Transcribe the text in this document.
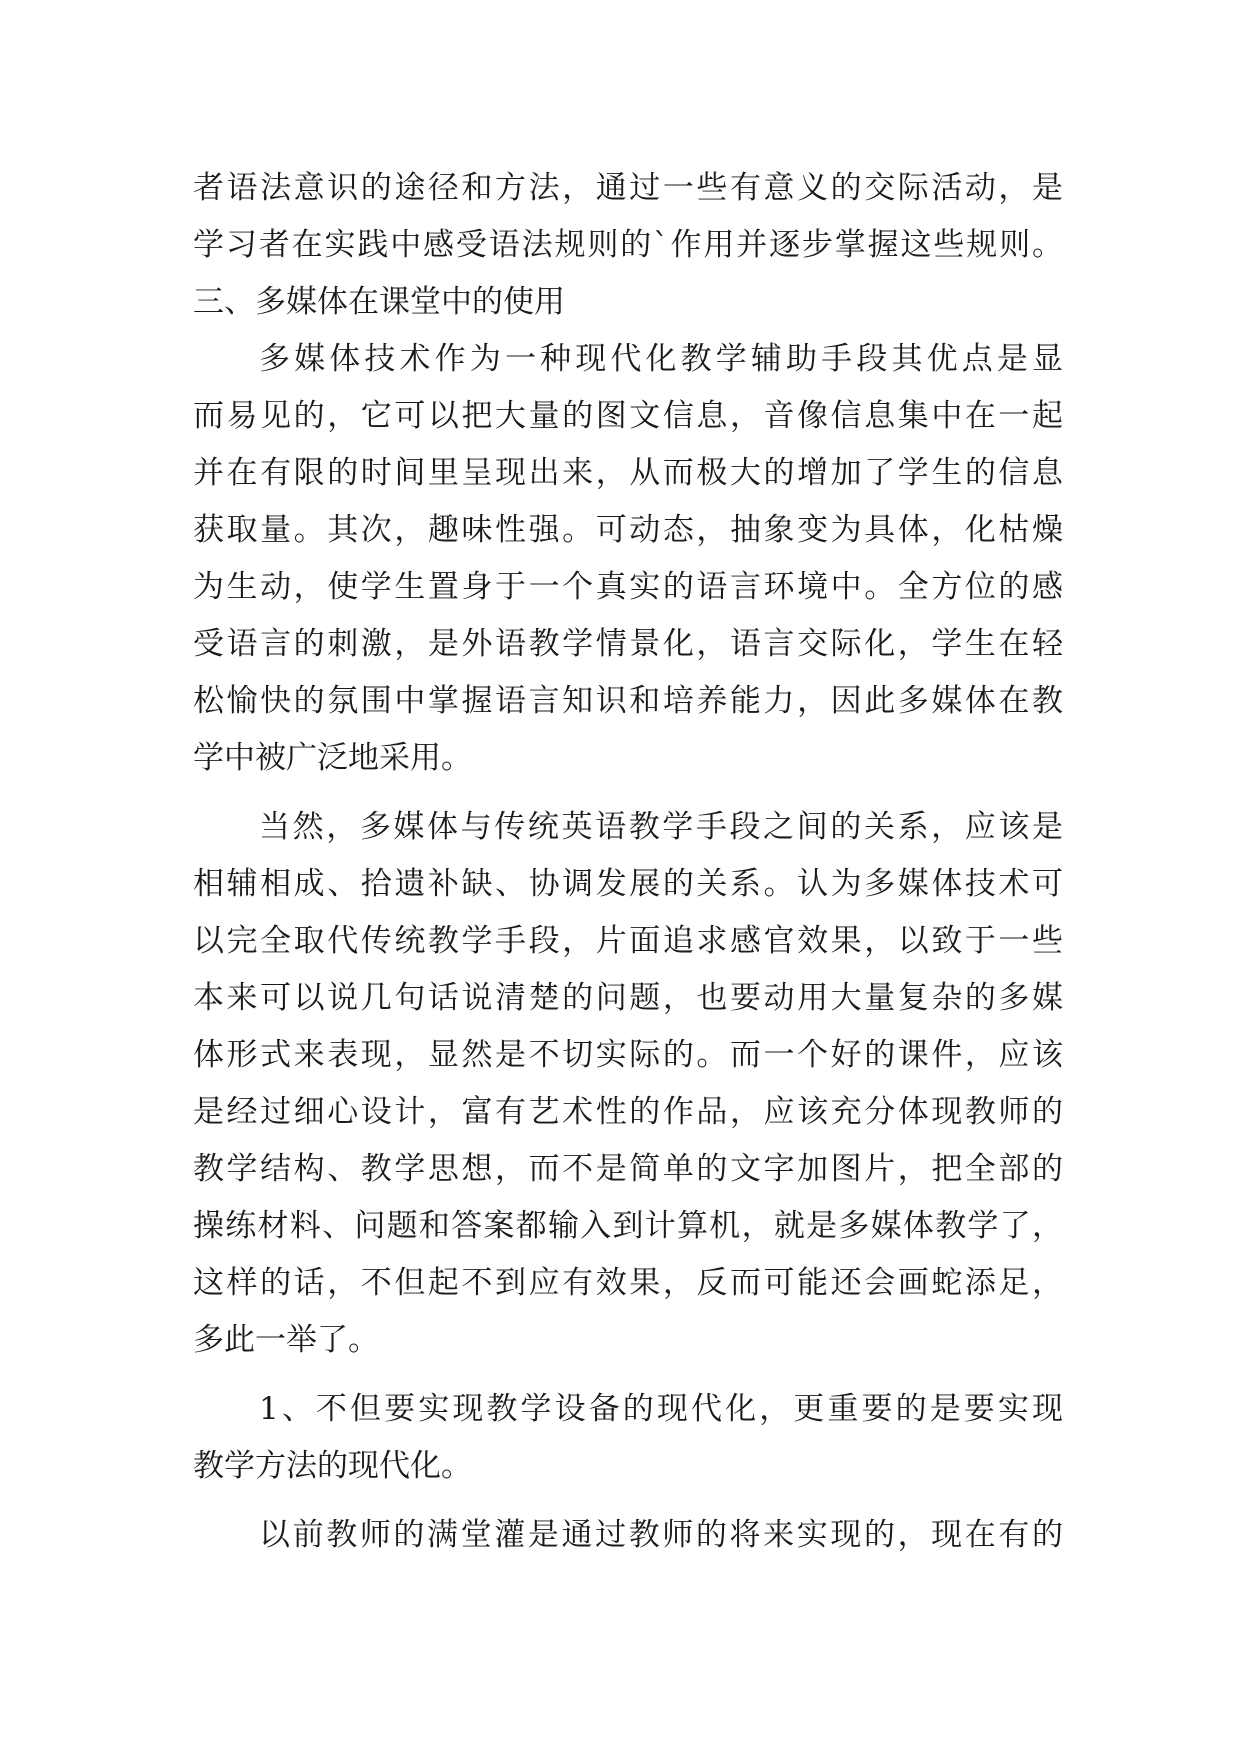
者语法意识的途径和方法，通过一些有意义的交际活动，是
学习者在实践中感受语法规则的`作用并逐步掌握这些规则。
三、多媒体在课堂中的使用
多媒体技术作为一种现代化教学辅助手段其优点是显
而易见的，它可以把大量的图文信息，音像信息集中在一起
并在有限的时间里呈现出来，从而极大的增加了学生的信息
获取量。其次，趣味性强。可动态，抽象变为具体，化枯燥
为生动，使学生置身于一个真实的语言环境中。全方位的感
受语言的刺激，是外语教学情景化，语言交际化，学生在轻
松愉快的氛围中掌握语言知识和培养能力，因此多媒体在教
学中被广泛地采用。
当然，多媒体与传统英语教学手段之间的关系，应该是
相辅相成、拾遗补缺、协调发展的关系。认为多媒体技术可
以完全取代传统教学手段，片面追求感官效果，以致于一些
本来可以说几句话说清楚的问题，也要动用大量复杂的多媒
体形式来表现，显然是不切实际的。而一个好的课件，应该
是经过细心设计，富有艺术性的作品，应该充分体现教师的
教学结构、教学思想，而不是简单的文字加图片，把全部的
操练材料、问题和答案都输入到计算机，就是多媒体教学了，
这样的话，不但起不到应有效果，反而可能还会画蛇添足，
多此一举了。
1、不但要实现教学设备的现代化，更重要的是要实现
教学方法的现代化。
以前教师的满堂灌是通过教师的将来实现的，现在有的
